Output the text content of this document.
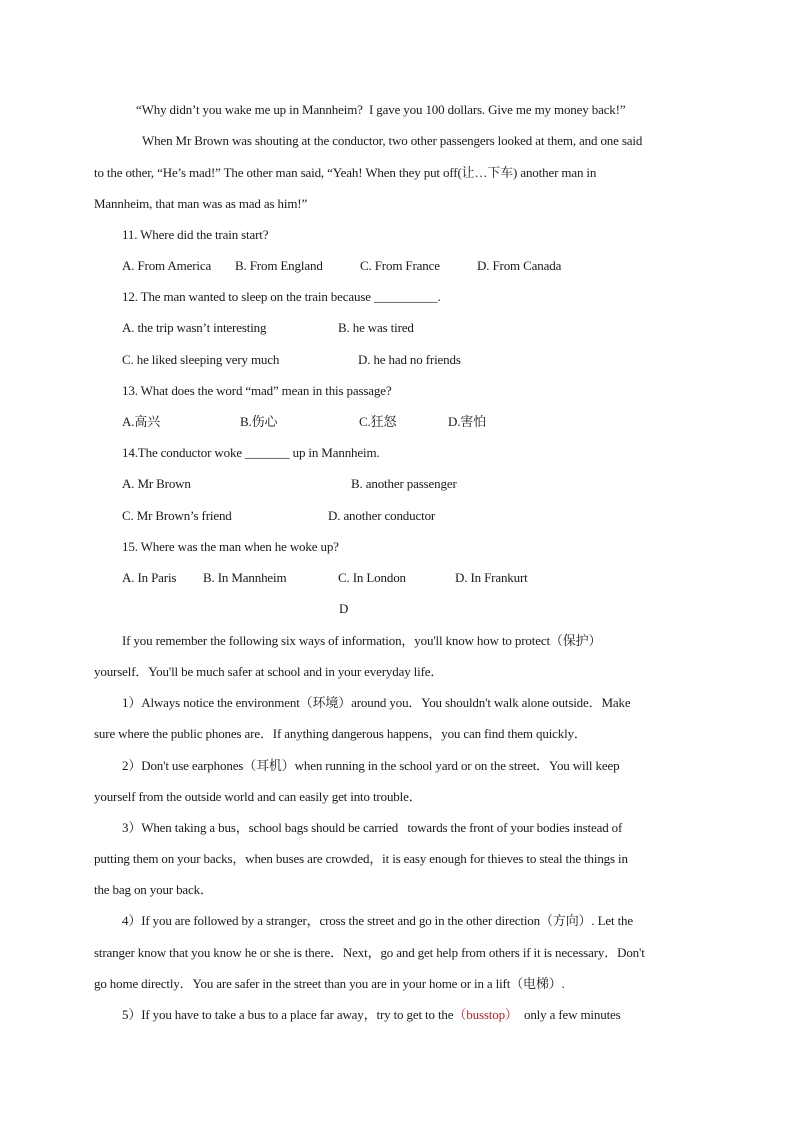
“Why didn’t you wake me up in Mannheim?  I gave you 100 dollars. Give me my money back!”
When Mr Brown was shouting at the conductor, two other passengers looked at them, and one said
to the other, “He’s mad!” The other man said, “Yeah! When they put off(让…下车) another man in
Mannheim, that man was as mad as him!”
11. Where did the train start?
A. From America B. From England	C. From France	D. From Canada
12. The man wanted to sleep on the train because __________.
A. the trip wasn’t interesting	B. he was tired
C. he liked sleeping very much	D. he had no friends
13. What does the word “mad” mean in this passage?
A.高兴	B.伤心	C.狂怒	D.害怕
14.The conductor woke _______ up in Mannheim.
A. Mr Brown	B. another passenger
C. Mr Brown’s friend	D. another conductor
15. Where was the man when he woke up?
A. In Paris B. In Mannheim	C. In London	D. In Frankurt
D
If you remember the following six ways of information，you'll know how to protect（保护）
yourself．You'll be much safer at school and in your everyday life．
1）Always notice the environment（环境）around you．You shouldn't walk alone outside．Make
sure where the public phones are．If anything dangerous happens，you can find them quickly．
2）Don't use earphones（耳机）when running in the school yard or on the street．You will keep
yourself from the outside world and can easily get into trouble．
3）When taking a bus，school bags should be carried   towards the front of your bodies instead of
putting them on your backs，when buses are crowded，it is easy enough for thieves to steal the things in
the bag on your back．
4）If you are followed by a stranger，cross the street and go in the other direction（方向）. Let the
stranger know that you know he or she is there．Next，go and get help from others if it is necessary．Don't
go home directly．You are safer in the street than you are in your home or in a lift（电梯）.
5）If you have to take a bus to a place far away，try to get to the（busstop）  only a few minutes
